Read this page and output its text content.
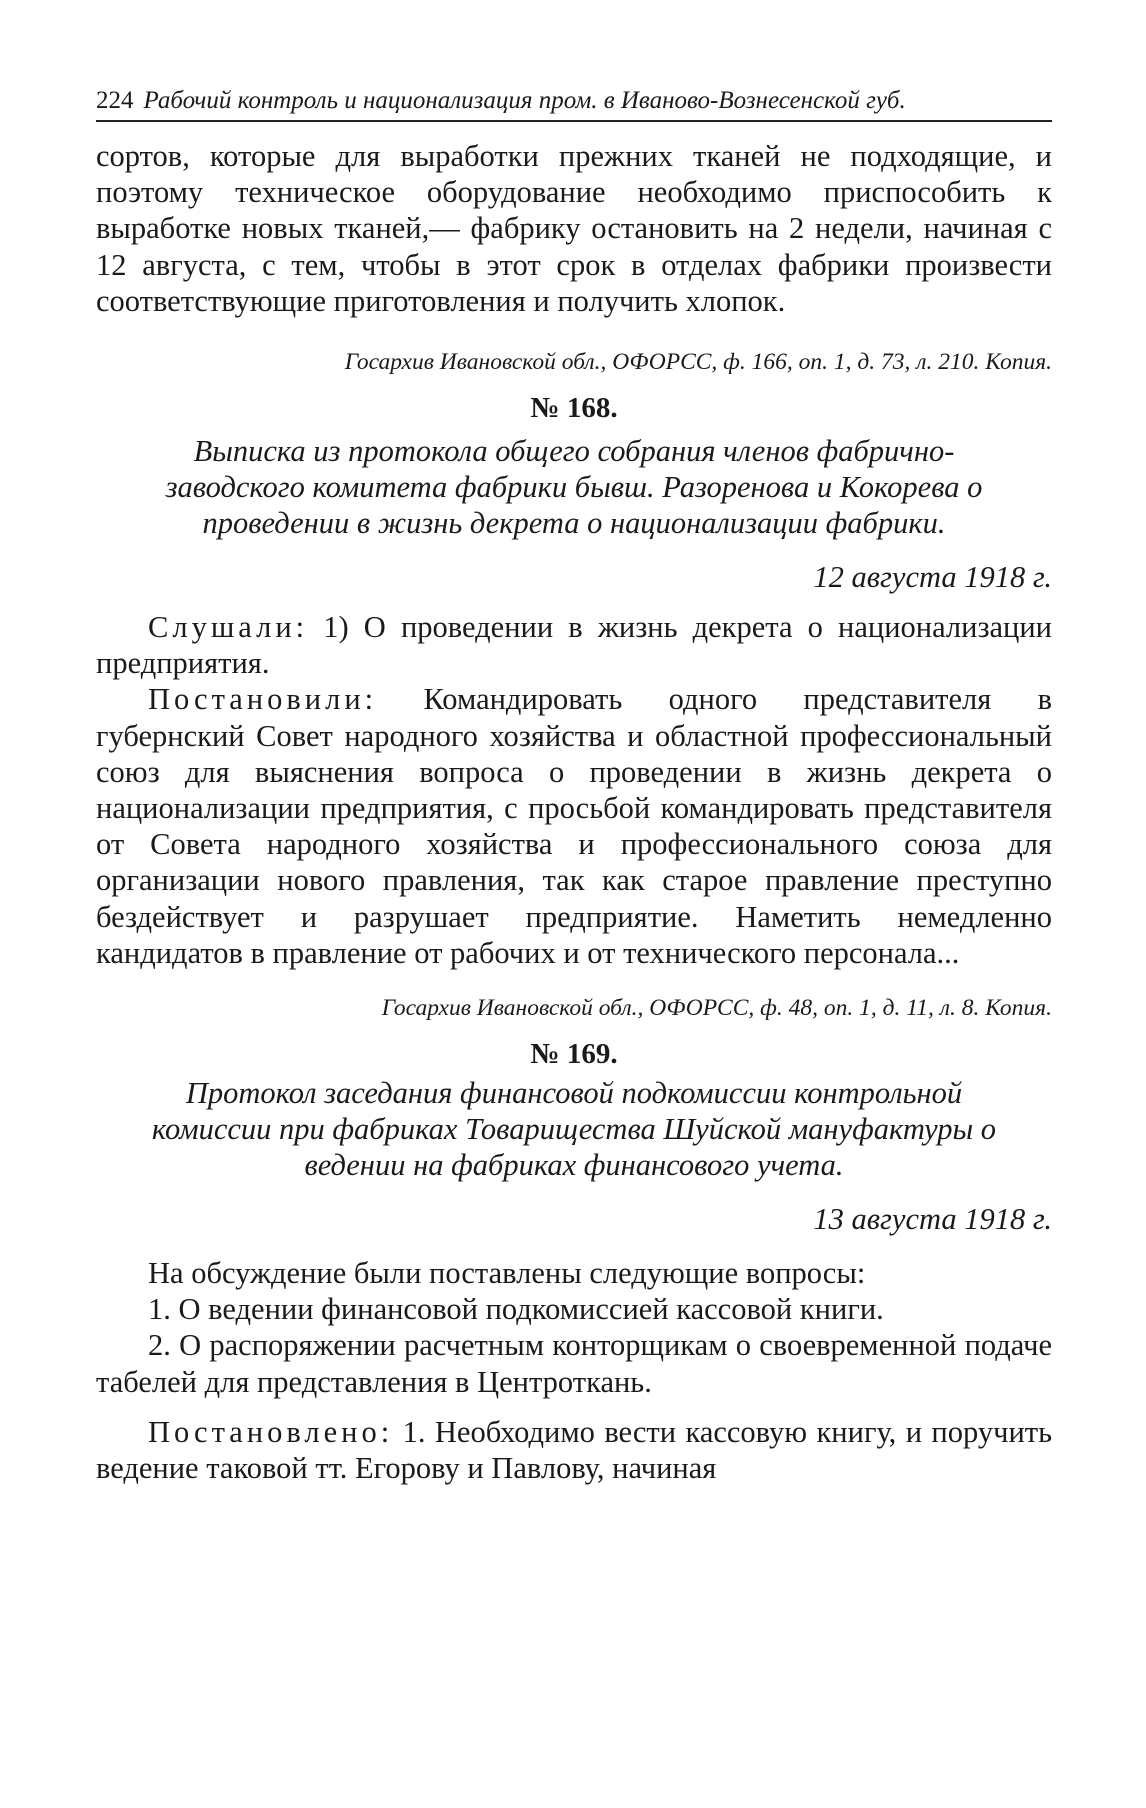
224 Рабочий контроль и национализация пром. в Иваново-Вознесенской губ.

сортов, которые для выработки прежних тканей не подходящие, и поэтому техническое оборудование необходимо приспособить к выработке новых тканей,— фабрику остановить на 2 недели, начиная с 12 августа, с тем, чтобы в этот срок в отделах фабрики произвести соответствующие приготовления и получить хлопок.

Госархив Ивановской обл., ОФОРСС, ф. 166, оп. 1, д. 73, л. 210. Копия.

№ 168.

Выписка из протокола общего собрания членов фабрично-заводского комитета фабрики бывш. Разоренова и Кокорева о проведении в жизнь декрета о национализации фабрики.

12 августа 1918 г.

Слушали: 1) О проведении в жизнь декрета о национализации предприятия.

Постановили: Командировать одного представителя в губернский Совет народного хозяйства и областной профессиональный союз для выяснения вопроса о проведении в жизнь декрета о национализации предприятия, с просьбой командировать представителя от Совета народного хозяйства и профессионального союза для организации нового правления, так как старое правление преступно бездействует и разрушает предприятие. Наметить немедленно кандидатов в правление от рабочих и от технического персонала...

Госархив Ивановской обл., ОФОРСС, ф. 48, оп. 1, д. 11, л. 8. Копия.

№ 169.

Протокол заседания финансовой подкомиссии контрольной комиссии при фабриках Товарищества Шуйской мануфактуры о ведении на фабриках финансового учета.

13 августа 1918 г.

На обсуждение были поставлены следующие вопросы:

1. О ведении финансовой подкомиссией кассовой книги.

2. О распоряжении расчетным конторщикам о своевременной подаче табелей для представления в Центроткань.

Постановлено: 1. Необходимо вести кассовую книгу, и поручить ведение таковой тт. Егорову и Павлову, начиная
